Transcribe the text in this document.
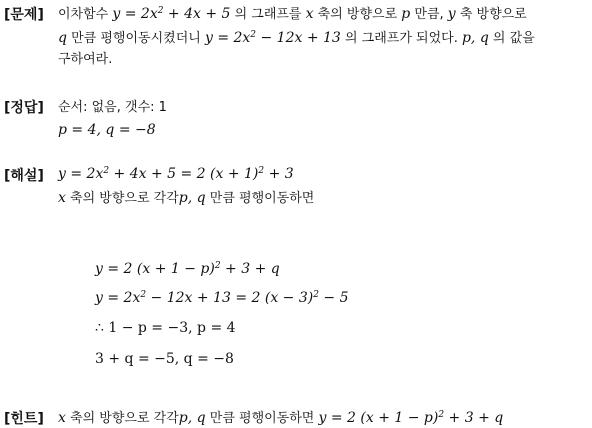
[문제] 이차함수 $y = 2x^2 + 4x + 5$ 의 그래프를 x 축의 방향으로 p 만큼, y 축 방향으로
q 만큼 평행이동시켰더니 $y = 2x^2 - 12x + 13$ 의 그래프가 되었다. p, q 의 값을
구하여라.
[정답] 순서: 없음, 갯수: 1
p = 4, q = −8
[해설] $y = 2x^2 + 4x + 5 = 2$ $(x + 1)^2 + 3$
x 축의 방향으로 각각p, q 만큼 평행이동하면
y = 2 $(x + 1 - p)^2 + 3 + q$
$y = 2x^2 - 12x + 13 = 2$ $(x - 3)^2 - 5$
∴ 1 − p = −3, p = 4
3 + q = −5, q = −8
[힌트] x 축의 방향으로 각각p, q 만큼 평행이동하면 y = 2 $(x + 1 - p)^2 + 3 + q$
